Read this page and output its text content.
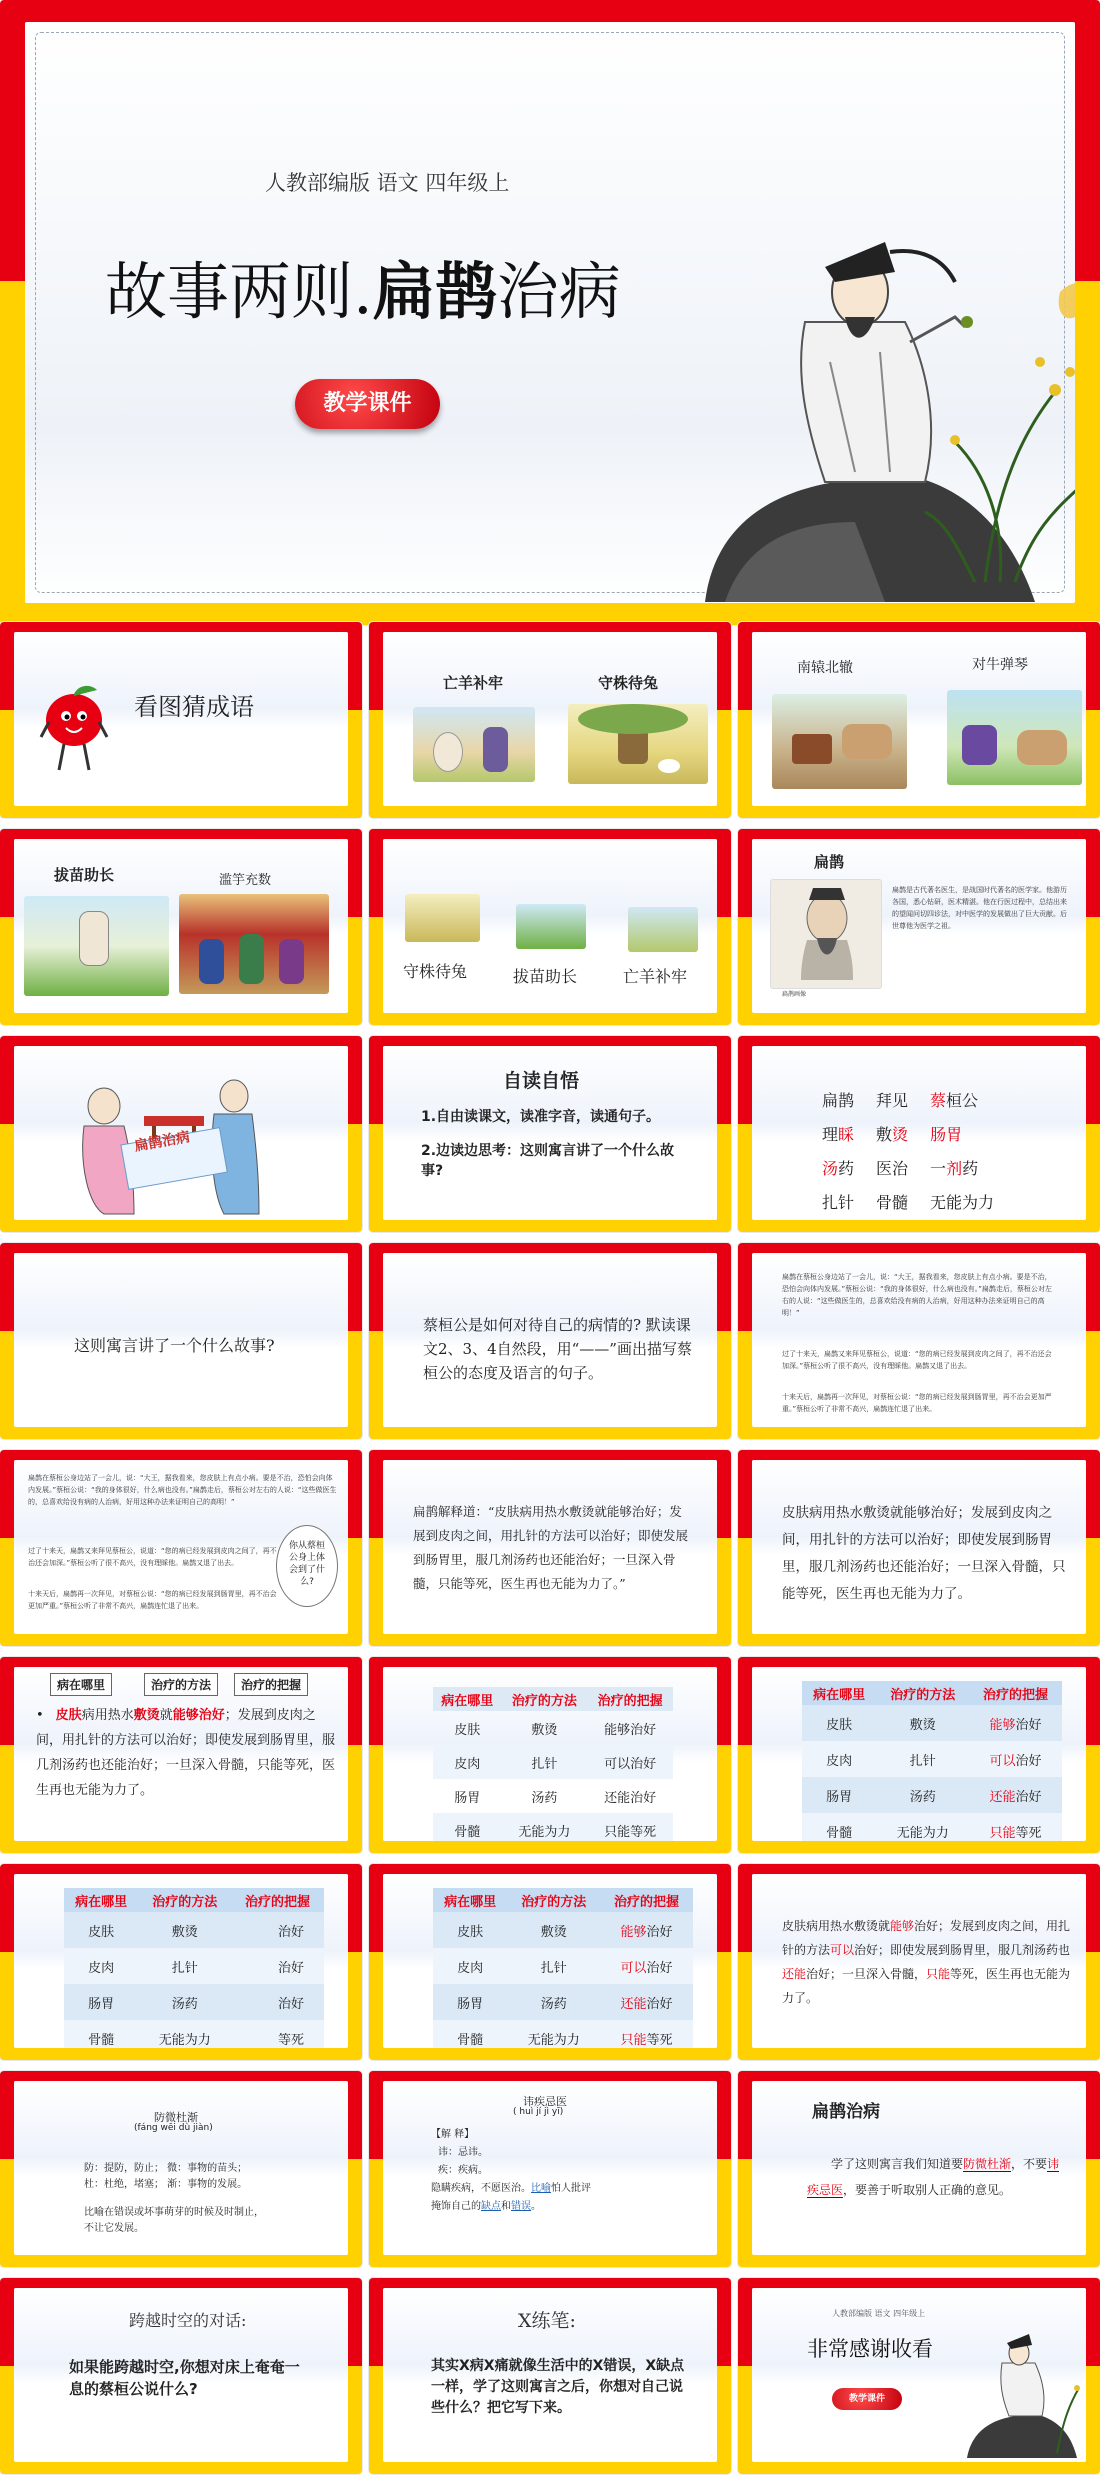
人教部编版 语文 四年级上
故事两则.扁鹊治病
教学课件
看图猜成语
亡羊补牢	守株待兔
南辕北辙	对牛弹琴
拔苗助长	滥竽充数
守株待兔	拔苗助长	亡羊补牢
扁鹊
扁鹊画像
扁鹊是古代著名医生，是战国时代著名的医学家。他游历各国，悉心钻研，医术精湛。他在行医过程中，总结出来的望闻问切四诊法，对中医学的发展做出了巨大贡献。后世尊他为医学之祖。
扁鹊治病
自读自悟
1.自由读课文，读准字音，读通句子。
2.边读边思考：这则寓言讲了一个什么故事?
扁鹊 拜见 蔡桓公
理睬 敷烫 肠胃
汤药 医治 一剂药
扎针 骨髓 无能为力
这则寓言讲了一个什么故事?
蔡桓公是如何对待自己的病情的? 默读课文2、3、4自然段，用“——”画出描写蔡桓公的态度及语言的句子。
扁鹊在蔡桓公身边站了一会儿，说：“大王，据我看来，您皮肤上有点小病。要是不治，恐怕会向体内发展。”蔡桓公说：“我的身体很好，什么病也没有。”扁鹊走后，蔡桓公对左右的人说：“这些做医生的，总喜欢给没有病的人治病，好用这种办法来证明自己的高明！”
过了十来天，扁鹊又来拜见蔡桓公，说道：“您的病已经发展到皮肉之间了，再不治还会加深。”蔡桓公听了很不高兴，没有理睬他。扁鹊又退了出去。
十来天后，扁鹊再一次拜见，对蔡桓公说：“您的病已经发展到肠胃里，再不治会更加严重。”蔡桓公听了非常不高兴，扁鹊连忙退了出来。
扁鹊在蔡桓公身边站了一会儿，说：“大王，据我看来，您皮肤上有点小病。要是不治，恐怕会向体内发展。”蔡桓公说：“我的身体很好，什么病也没有。”扁鹊走后，蔡桓公对左右的人说：“这些做医生的，总喜欢给没有病的人治病，好用这种办法来证明自己的高明！”
过了十来天，扁鹊又来拜见蔡桓公，说道：“您的病已经发展到皮肉之间了，再不治还会加深。”蔡桓公听了很不高兴，没有理睬他。扁鹊又退了出去。
十来天后，扁鹊再一次拜见，对蔡桓公说：“您的病已经发展到肠胃里，再不治会更加严重。”蔡桓公听了非常不高兴，扁鹊连忙退了出来。
你从蔡桓公身上体会到了什么?
扁鹊解释道：“皮肤病用热水敷烫就能够治好；发展到皮肉之间，用扎针的方法可以治好；即使发展到肠胃里，服几剂汤药也还能治好；一旦深入骨髓，只能等死，医生再也无能为力了。”
皮肤病用热水敷烫就能够治好；发展到皮肉之间，用扎针的方法可以治好；即使发展到肠胃里，服几剂汤药也还能治好；一旦深入骨髓，只能等死，医生再也无能为力了。
病在哪里	治疗的方法	治疗的把握
• 皮肤病用热水敷烫就能够治好；发展到皮肉之间，用扎针的方法可以治好；即使发展到肠胃里，服几剂汤药也还能治好；一旦深入骨髓，只能等死，医生再也无能为力了。
病在哪里	治疗的方法	治疗的把握
皮肤	敷烫	能够治好
皮肉	扎针	可以治好
肠胃	汤药	还能治好
骨髓	无能为力	只能等死
病在哪里	治疗的方法	治疗的把握	
皮肤	敷烫	能够	治好
皮肉	扎针	可以	治好
肠胃	汤药	还能	治好
骨髓	无能为力	只能	等死
病在哪里	治疗的方法	治疗的把握
皮肤	敷烫	治好
皮肉	扎针	治好
肠胃	汤药	治好
骨髓	无能为力	等死
病在哪里	治疗的方法	治疗的把握	
皮肤	敷烫	能够	治好
皮肉	扎针	可以	治好
肠胃	汤药	还能	治好
骨髓	无能为力	只能	等死
皮肤病用热水敷烫就能够治好；发展到皮肉之间，用扎针的方法可以治好；即使发展到肠胃里，服几剂汤药也还能治好；一旦深入骨髓，只能等死，医生再也无能为力了。
防微杜渐
(fáng wēi dù jiàn)
防：提防，防止； 微：事物的苗头；
杜：杜绝，堵塞； 渐：事物的发展。
比喻在错误或坏事萌芽的时候及时制止，
不让它发展。
讳疾忌医
( huì jí jì yī)
【解 释】
讳：忌讳。
疾：疾病。
隐瞒疾病，不愿医治。比喻怕人批评
掩饰自己的缺点和错误。
扁鹊治病
学了这则寓言我们知道要防微杜渐，不要讳疾忌医，要善于听取别人正确的意见。
跨越时空的对话:
如果能跨越时空,你想对床上奄奄一息的蔡桓公说什么?
X练笔:
其实X病X痛就像生活中的X错误，X缺点一样，学了这则寓言之后，你想对自己说些什么？把它写下来。
人教部编版 语文 四年级上
非常感谢收看
教学课件
